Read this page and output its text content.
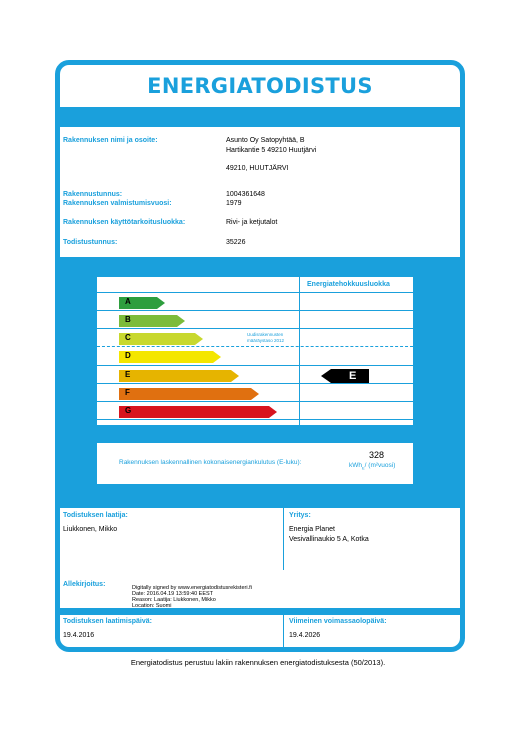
ENERGIATODISTUS
Rakennuksen nimi ja osoite:	Asunto Oy Satopyhtää, B
Hartikantie 5 49210 Huutjärvi
49210, HUUTJÄRVI
Rakennustunnus:	1004361648
Rakennuksen valmistumisvuosi:	1979
Rakennuksen käyttötarkoitusluokka:	Rivi- ja ketjutalot
Todistustunnus:	35226
Energiatehokkuusluokka
A
B
C
D
E
F
G
Uudisrakennusten
määräystaso 2012
E
Rakennuksen laskennallinen kokonaisenergiankulutus (E-luku):
328
kWh$_E$/ (m²vuosi)
Todistuksen laatija:
Liukkonen, Mikko
Yritys:
Energia Planet
Vesivallinaukio 5 A, Kotka
Allekirjoitus:	Digitally signed by www.energiatodistusrekisteri.fi
Date: 2016.04.19 13:59:40 EEST
Reason: Laatija: Liukkonen, Mikko
Location: Suomi
Todistuksen laatimispäivä:
19.4.2016
Viimeinen voimassaolopäivä:
19.4.2026
Energiatodistus perustuu lakiin rakennuksen energiatodistuksesta (50/2013).
